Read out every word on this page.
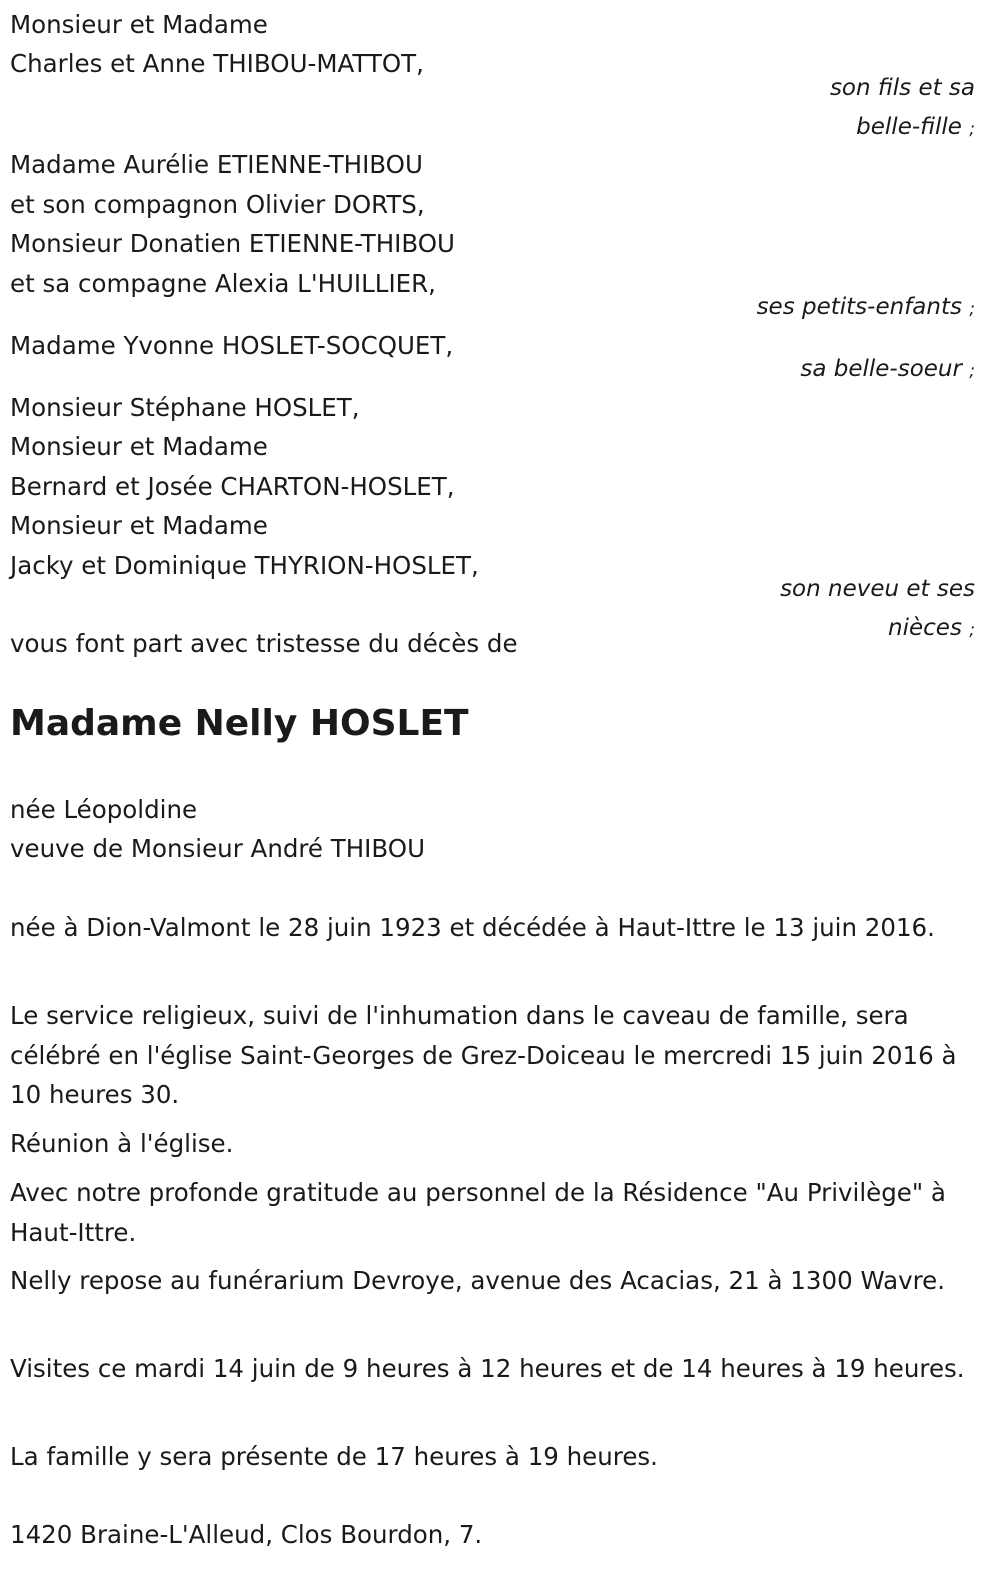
Monsieur et Madame
Charles et Anne THIBOU-MATTOT,
son fils et sa
belle-fille ;
Madame Aurélie ETIENNE-THIBOU
et son compagnon Olivier DORTS,
Monsieur Donatien ETIENNE-THIBOU
et sa compagne Alexia L'HUILLIER,
ses petits-enfants ;
Madame Yvonne HOSLET-SOCQUET,
sa belle-soeur ;
Monsieur Stéphane HOSLET,
Monsieur et Madame
Bernard et Josée CHARTON-HOSLET,
Monsieur et Madame
Jacky et Dominique THYRION-HOSLET,
son neveu et ses
nièces ;
vous font part avec tristesse du décès de
Madame Nelly HOSLET
née Léopoldine
veuve de Monsieur André THIBOU
née à Dion-Valmont le 28 juin 1923 et décédée à Haut-Ittre le 13 juin 2016.
Le service religieux, suivi de l'inhumation dans le caveau de famille, sera célébré en l'église Saint-Georges de Grez-Doiceau le mercredi 15 juin 2016 à 10 heures 30.
Réunion à l'église.
Avec notre profonde gratitude au personnel de la Résidence "Au Privilège" à Haut-Ittre.
Nelly repose au funérarium Devroye, avenue des Acacias, 21 à 1300 Wavre.
Visites ce mardi 14 juin de 9 heures à 12 heures et de 14 heures à 19 heures.
La famille y sera présente de 17 heures à 19 heures.
1420 Braine-L'Alleud, Clos Bourdon, 7.
